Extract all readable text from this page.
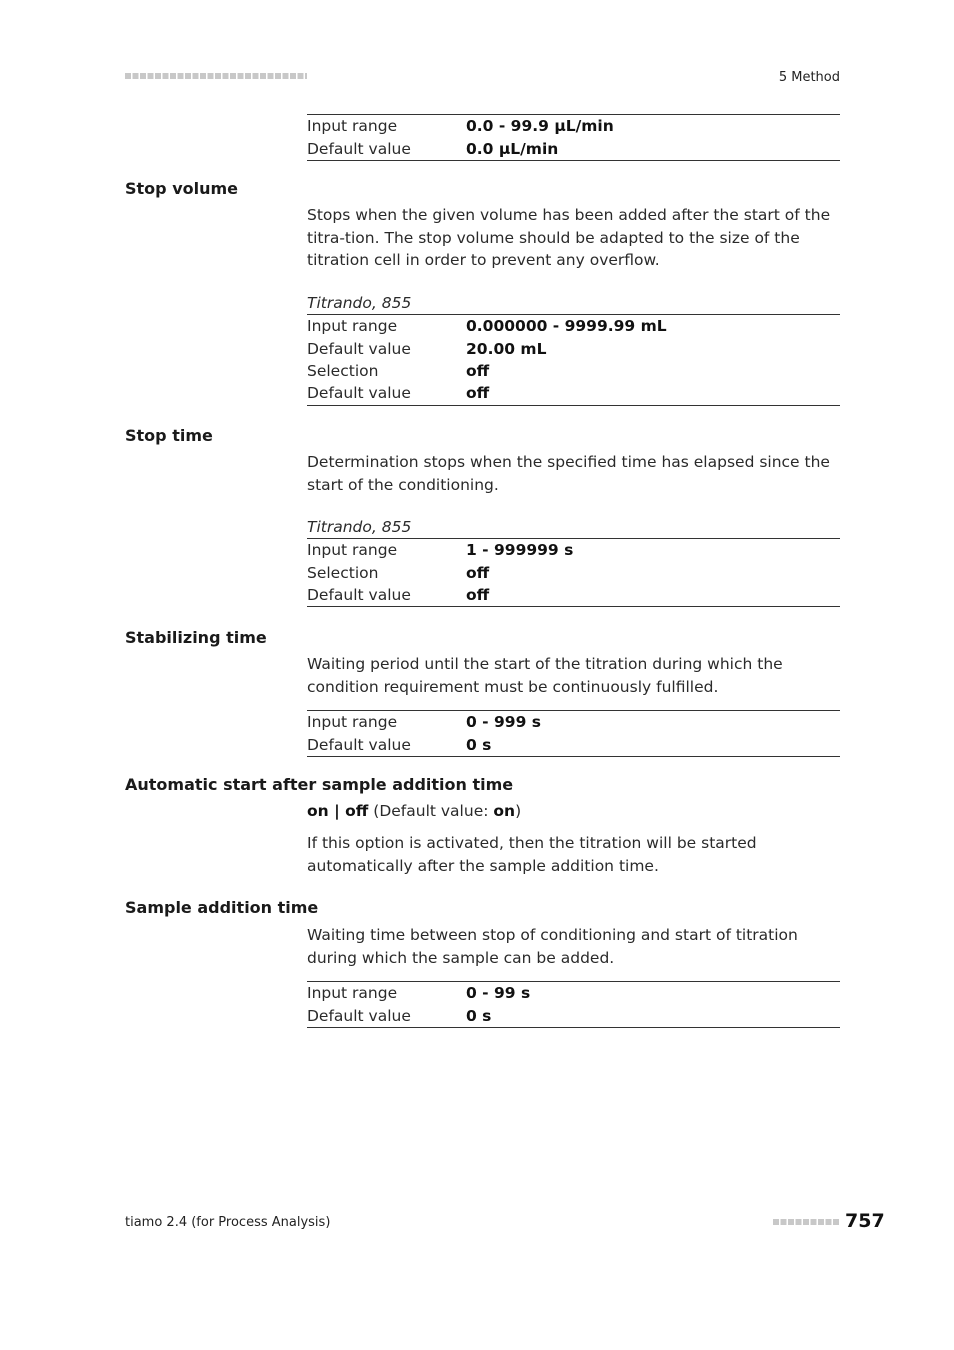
5 Method
Input range	0.0 - 99.9 µL/min
Default value	0.0 µL/min
Stop volume
Stops when the given volume has been added after the start of the titra-tion. The stop volume should be adapted to the size of the titration cell in order to prevent any overflow.
Titrando, 855
Input range	0.000000 - 9999.99 mL
Default value	20.00 mL
Selection	off
Default value	off
Stop time
Determination stops when the specified time has elapsed since the start of the conditioning.
Titrando, 855
Input range	1 - 999999 s
Selection	off
Default value	off
Stabilizing time
Waiting period until the start of the titration during which the condition requirement must be continuously fulfilled.
Input range	0 - 999 s
Default value	0 s
Automatic start after sample addition time
on | off (Default value: on)
If this option is activated, then the titration will be started automatically after the sample addition time.
Sample addition time
Waiting time between stop of conditioning and start of titration during which the sample can be added.
Input range	0 - 99 s
Default value	0 s
tiamo 2.4 (for Process Analysis)	757
